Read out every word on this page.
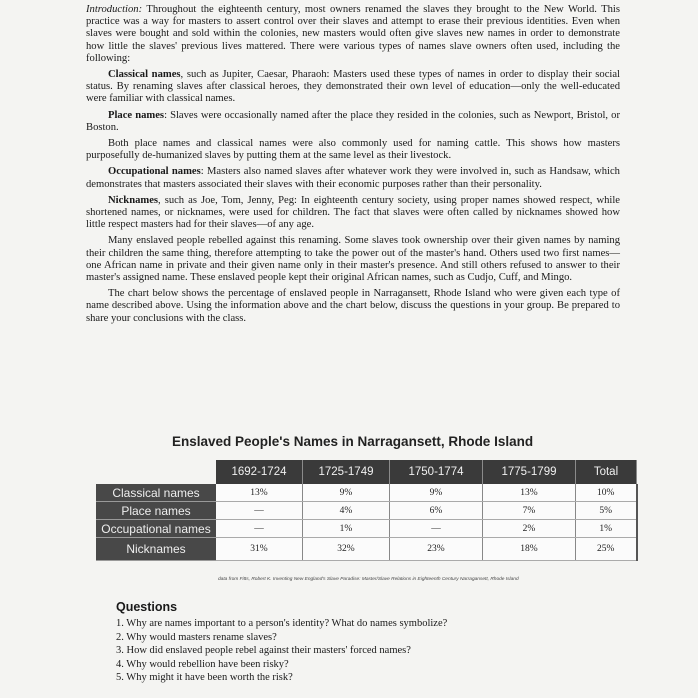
Introduction: Throughout the eighteenth century, most owners renamed the slaves they brought to the New World. This practice was a way for masters to assert control over their slaves and attempt to erase their previous identities. Even when slaves were bought and sold within the colonies, new masters would often give slaves new names in order to demonstrate how little the slaves' previous lives mattered. There were various types of names slave owners often used, including the following:

Classical names, such as Jupiter, Caesar, Pharaoh: Masters used these types of names in order to display their social status. By renaming slaves after classical heroes, they demonstrated their own level of education—only the well-educated were familiar with classical names.

Place names: Slaves were occasionally named after the place they resided in the colonies, such as Newport, Bristol, or Boston.

Both place names and classical names were also commonly used for naming cattle. This shows how masters purposefully de-humanized slaves by putting them at the same level as their livestock.

Occupational names: Masters also named slaves after whatever work they were involved in, such as Handsaw, which demonstrates that masters associated their slaves with their economic purposes rather than their personality.

Nicknames, such as Joe, Tom, Jenny, Peg: In eighteenth century society, using proper names showed respect, while shortened names, or nicknames, were used for children. The fact that slaves were often called by nicknames showed how little respect masters had for their slaves—of any age.

Many enslaved people rebelled against this renaming. Some slaves took ownership over their given names by naming their children the same thing, therefore attempting to take the power out of the master's hand. Others used two first names—one African name in private and their given name only in their master's presence. And still others refused to answer to their master's assigned name. These enslaved people kept their original African names, such as Cudjo, Cuff, and Mingo.

The chart below shows the percentage of enslaved people in Narragansett, Rhode Island who were given each type of name described above. Using the information above and the chart below, discuss the questions in your group. Be prepared to share your conclusions with the class.

Enslaved People's Names in Narragansett, Rhode Island
	1692-1724	1725-1749	1750-1774	1775-1799	Total
Classical names	13%	9%	9%	13%	10%
Place names	—	4%	6%	7%	5%
Occupational names	—	1%	—	2%	1%
Nicknames	31%	32%	23%	18%	25%
data from Fitts, Robert K. Inventing New England's Slave Paradise: Master/Slave Relations in Eighteenth Century Narragansett, Rhode Island
Questions
1. Why are names important to a person's identity? What do names symbolize?
2. Why would masters rename slaves?
3. How did enslaved people rebel against their masters' forced names?
4. Why would rebellion have been risky?
5. Why might it have been worth the risk?
